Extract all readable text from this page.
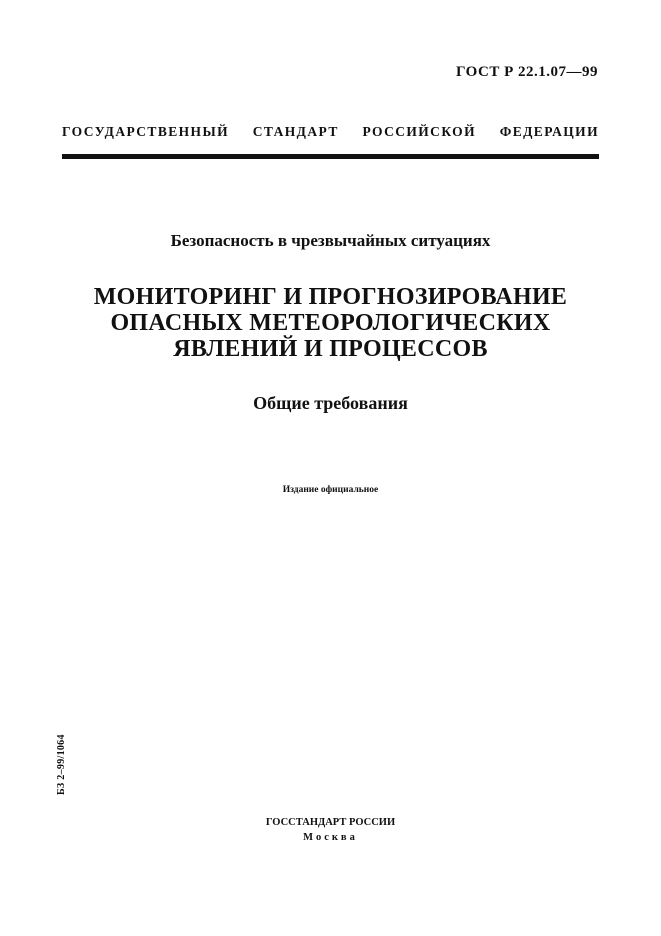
ГОСТ Р 22.1.07—99
ГОСУДАРСТВЕННЫЙ СТАНДАРТ РОССИЙСКОЙ ФЕДЕРАЦИИ
Безопасность в чрезвычайных ситуациях
МОНИТОРИНГ И ПРОГНОЗИРОВАНИЕ
ОПАСНЫХ МЕТЕОРОЛОГИЧЕСКИХ
ЯВЛЕНИЙ И ПРОЦЕССОВ
Общие требования
Издание официальное
БЗ 2–99/1064
ГОССТАНДАРТ РОССИИ
Москва
